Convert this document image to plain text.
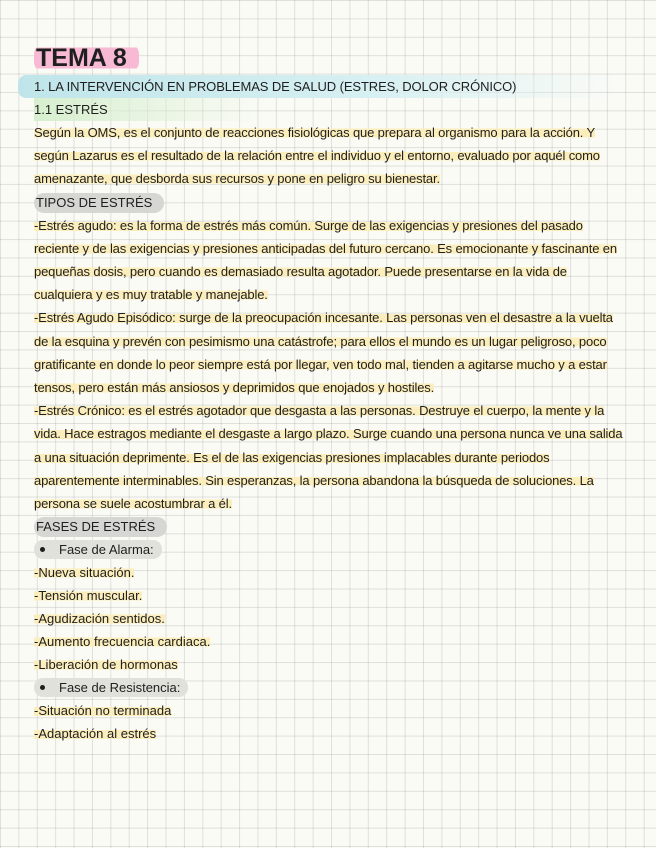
TEMA 8
1. LA INTERVENCIÓN EN PROBLEMAS DE SALUD (ESTRES, DOLOR CRÓNICO)
1.1 ESTRÉS

Según la OMS, es el conjunto de reacciones fisiológicas que prepara al organismo para la acción. Y según Lazarus es el resultado de la relación entre el individuo y el entorno, evaluado por aquél como amenazante, que desborda sus recursos y pone en peligro su bienestar.

TIPOS DE ESTRÉS

-Estrés agudo: es la forma de estrés más común. Surge de las exigencias y presiones del pasado reciente y de las exigencias y presiones anticipadas del futuro cercano. Es emocionante y fascinante en pequeñas dosis, pero cuando es demasiado resulta agotador. Puede presentarse en la vida de cualquiera y es muy tratable y manejable.

-Estrés Agudo Episódico: surge de la preocupación incesante. Las personas ven el desastre a la vuelta de la esquina y prevén con pesimismo una catástrofe; para ellos el mundo es un lugar peligroso, poco gratificante en donde lo peor siempre está por llegar, ven todo mal, tienden a agitarse mucho y a estar tensos, pero están más ansiosos y deprimidos que enojados y hostiles.

-Estrés Crónico: es el estrés agotador que desgasta a las personas. Destruye el cuerpo, la mente y la vida. Hace estragos mediante el desgaste a largo plazo. Surge cuando una persona nunca ve una salida a una situación deprimente. Es el de las exigencias presiones implacables durante periodos aparentemente interminables. Sin esperanzas, la persona abandona la búsqueda de soluciones. La persona se suele acostumbrar a él.

FASES DE ESTRÉS
Fase de Alarma:
-Nueva situación.
-Tensión muscular.
-Agudización sentidos.
-Aumento frecuencia cardiaca.
-Liberación de hormonas
Fase de Resistencia:
-Situación no terminada
-Adaptación al estrés
